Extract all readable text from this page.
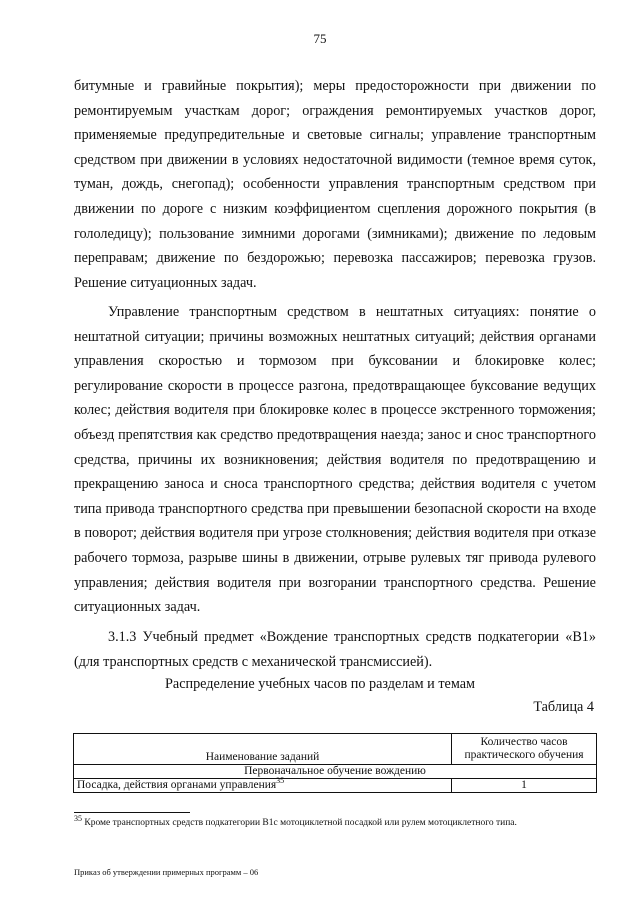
75

битумные и гравийные покрытия); меры предосторожности при движении по ремонтируемым участкам дорог; ограждения ремонтируемых участков дорог, применяемые предупредительные и световые сигналы; управление транспортным средством при движении в условиях недостаточной видимости (темное время суток, туман, дождь, снегопад); особенности управления транспортным средством при движении по дороге с низким коэффициентом сцепления дорожного покрытия (в гололедицу); пользование зимними дорогами (зимниками); движение по ледовым переправам; движение по бездорожью; перевозка пассажиров; перевозка грузов. Решение ситуационных задач.

Управление транспортным средством в нештатных ситуациях: понятие о нештатной ситуации; причины возможных нештатных ситуаций; действия органами управления скоростью и тормозом при буксовании и блокировке колес; регулирование скорости в процессе разгона, предотвращающее буксование ведущих колес; действия водителя при блокировке колес в процессе экстренного торможения; объезд препятствия как средство предотвращения наезда; занос и снос транспортного средства, причины их возникновения; действия водителя по предотвращению и прекращению заноса и сноса транспортного средства; действия водителя с учетом типа привода транспортного средства при превышении безопасной скорости на входе в поворот; действия водителя при угрозе столкновения; действия водителя при отказе рабочего тормоза, разрыве шины в движении, отрыве рулевых тяг привода рулевого управления; действия водителя при возгорании транспортного средства. Решение ситуационных задач.

3.1.3 Учебный предмет «Вождение транспортных средств подкатегории «B1» (для транспортных средств с механической трансмиссией).

Распределение учебных часов по разделам и темам
Таблица 4
Наименование заданий	Количество часов практического обучения
Первоначальное обучение вождению	
Посадка, действия органами управления$^{35}$	1
$^{35}$ Кроме транспортных средств подкатегории B1с мотоциклетной посадкой или рулем мотоциклетного типа.
Приказ об утверждении примерных программ – 06
